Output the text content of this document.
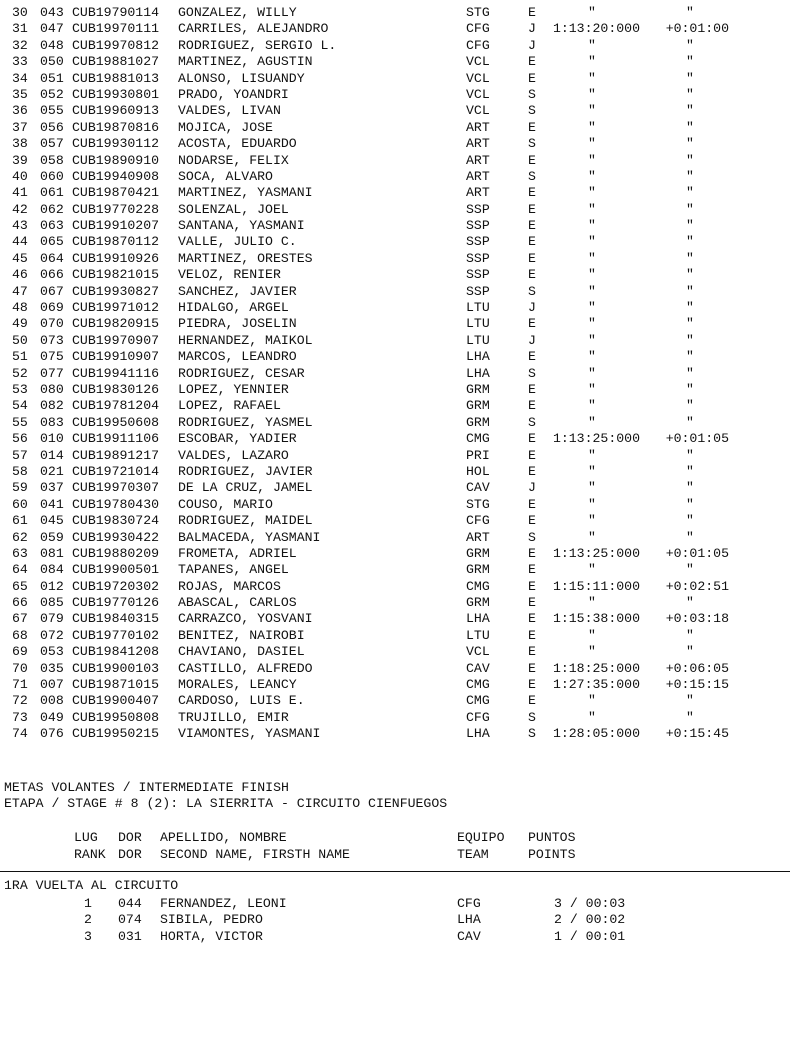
30 043 CUB19790114 GONZALEZ, WILLY	STG	E	"	"
31 047 CUB19970111 CARRILES, ALEJANDRO	CFG	J	1:13:20:000	+0:01:00
32 048 CUB19970812 RODRIGUEZ, SERGIO L.	CFG	J	"	"
33 050 CUB19881027 MARTINEZ, AGUSTIN	VCL	E	"	"
34 051 CUB19881013 ALONSO, LISUANDY	VCL	E	"	"
35 052 CUB19930801 PRADO, YOANDRI	VCL	S	"	"
36 055 CUB19960913 VALDES, LIVAN	VCL	S	"	"
37 056 CUB19870816 MOJICA, JOSE	ART	E	"	"
38 057 CUB19930112 ACOSTA, EDUARDO	ART	S	"	"
39 058 CUB19890910 NODARSE, FELIX	ART	E	"	"
40 060 CUB19940908 SOCA, ALVARO	ART	S	"	"
41 061 CUB19870421 MARTINEZ, YASMANI	ART	E	"	"
42 062 CUB19770228 SOLENZAL, JOEL	SSP	E	"	"
43 063 CUB19910207 SANTANA, YASMANI	SSP	E	"	"
44 065 CUB19870112 VALLE, JULIO C.	SSP	E	"	"
45 064 CUB19910926 MARTINEZ, ORESTES	SSP	E	"	"
46 066 CUB19821015 VELOZ, RENIER	SSP	E	"	"
47 067 CUB19930827 SANCHEZ, JAVIER	SSP	S	"	"
48 069 CUB19971012 HIDALGO, ARGEL	LTU	J	"	"
49 070 CUB19820915 PIEDRA, JOSELIN	LTU	E	"	"
50 073 CUB19970907 HERNANDEZ, MAIKOL	LTU	J	"	"
51 075 CUB19910907 MARCOS, LEANDRO	LHA	E	"	"
52 077 CUB19941116 RODRIGUEZ, CESAR	LHA	S	"	"
53 080 CUB19830126 LOPEZ, YENNIER	GRM	E	"	"
54 082 CUB19781204 LOPEZ, RAFAEL	GRM	E	"	"
55 083 CUB19950608 RODRIGUEZ, YASMEL	GRM	S	"	"
56 010 CUB19911106 ESCOBAR, YADIER	CMG	E	1:13:25:000	+0:01:05
57 014 CUB19891217 VALDES, LAZARO	PRI	E	"	"
58 021 CUB19721014 RODRIGUEZ, JAVIER	HOL	E	"	"
59 037 CUB19970307 DE LA CRUZ, JAMEL	CAV	J	"	"
60 041 CUB19780430 COUSO, MARIO	STG	E	"	"
61 045 CUB19830724 RODRIGUEZ, MAIDEL	CFG	E	"	"
62 059 CUB19930422 BALMACEDA, YASMANI	ART	S	"	"
63 081 CUB19880209 FROMETA, ADRIEL	GRM	E	1:13:25:000	+0:01:05
64 084 CUB19900501 TAPANES, ANGEL	GRM	E	"	"
65 012 CUB19720302 ROJAS, MARCOS	CMG	E	1:15:11:000	+0:02:51
66 085 CUB19770126 ABASCAL, CARLOS	GRM	E	"	"
67 079 CUB19840315 CARRAZCO, YOSVANI	LHA	E	1:15:38:000	+0:03:18
68 072 CUB19770102 BENITEZ, NAIROBI	LTU	E	"	"
69 053 CUB19841208 CHAVIANO, DASIEL	VCL	E	"	"
70 035 CUB19900103 CASTILLO, ALFREDO	CAV	E	1:18:25:000	+0:06:05
71 007 CUB19871015 MORALES, LEANCY	CMG	E	1:27:35:000	+0:15:15
72 008 CUB19900407 CARDOSO, LUIS E.	CMG	E	"	"
73 049 CUB19950808 TRUJILLO, EMIR	CFG	S	"	"
74 076 CUB19950215 VIAMONTES, YASMANI	LHA	S	1:28:05:000	+0:15:45
METAS VOLANTES / INTERMEDIATE FINISH
ETAPA / STAGE # 8 (2): LA SIERRITA - CIRCUITO CIENFUEGOS
LUG DOR APELLIDO, NOMBRE	EQUIPO PUNTOS
RANK DOR SECOND NAME, FIRSTH NAME	TEAM	POINTS
1RA VUELTA AL CIRCUITO
1 044 FERNANDEZ, LEONI	CFG	3 / 00:03
2 074 SIBILA, PEDRO	LHA	2 / 00:02
3 031 HORTA, VICTOR	CAV	1 / 00:01
